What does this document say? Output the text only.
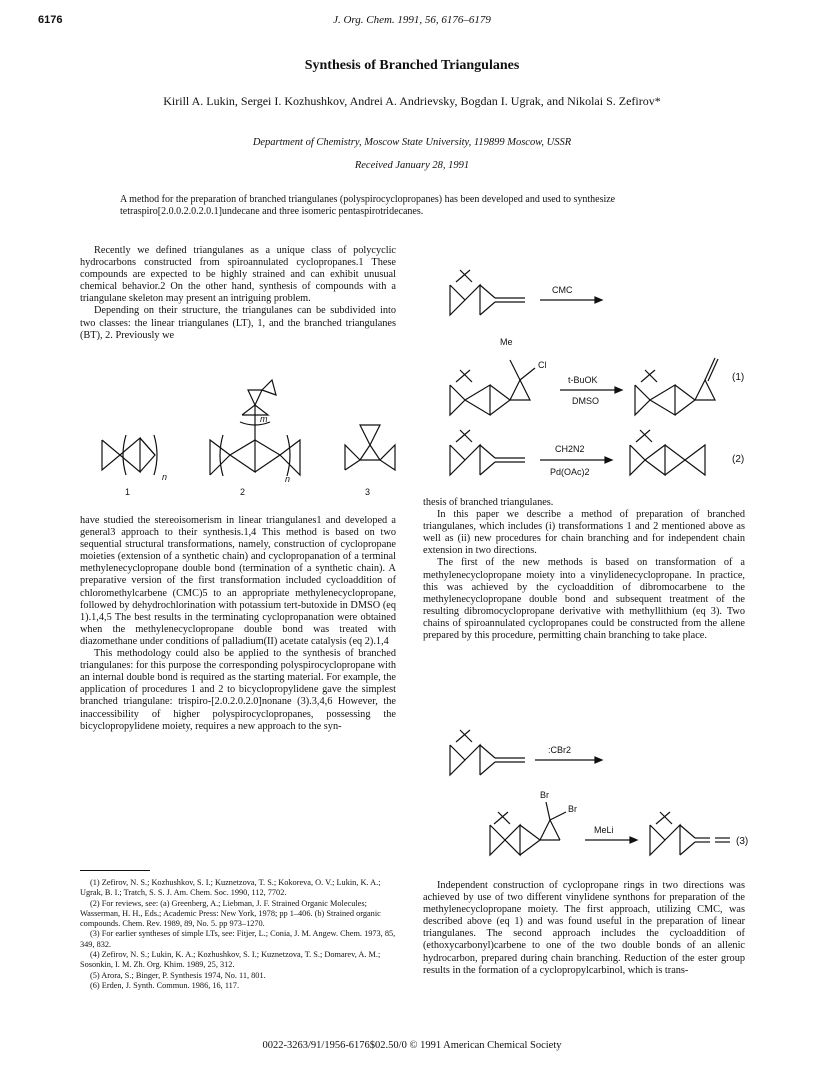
6176	J. Org. Chem. 1991, 56, 6176–6179
Synthesis of Branched Triangulanes
Kirill A. Lukin, Sergei I. Kozhushkov, Andrei A. Andrievsky, Bogdan I. Ugrak, and Nikolai S. Zefirov*
Department of Chemistry, Moscow State University, 119899 Moscow, USSR
Received January 28, 1991
A method for the preparation of branched triangulanes (polyspirocyclopropanes) has been developed and used to synthesize tetraspiro[2.0.0.2.0.2.0.1]undecane and three isomeric pentaspirotridecanes.

Recently we defined triangulanes as a unique class of polycyclic hydrocarbons constructed from spiroannulated cyclopropanes.1 These compounds are expected to be highly strained and can exhibit unusual chemical behavior.2 On the other hand, synthesis of compounds with a triangulane skeleton may present an intriguing problem.

Depending on their structure, the triangulanes can be subdivided into two classes: the linear triangulanes (LT), 1, and the branched triangulanes (BT), 2. Previously we

1
n
2
n
m
3

have studied the stereoisomerism in linear triangulanes1 and developed a general3 approach to their synthesis.1,4 This method is based on two sequential structural transformations, namely, construction of cyclopropane moieties (extension of a synthetic chain) and cyclopropanation of a terminal methylenecyclopropane double bond (termination of a synthetic chain). A preparative version of the first transformation included cycloaddition of chloromethylcarbene (CMC)5 to an appropriate methylenecyclopropane, followed by dehydrochlorination with potassium tert-butoxide in DMSO (eq 1).1,4,5 The best results in the terminating cyclopropanation were obtained when the methylenecyclopropane double bond was treated with diazomethane under conditions of palladium(II) acetate catalysis (eq 2).1,4

This methodology could also be applied to the synthesis of branched triangulanes: for this purpose the corresponding polyspirocyclopropane with an internal double bond is required as the starting material. For example, the application of procedures 1 and 2 to bicyclopropylidene gave the simplest branched triangulane: trispiro-[2.0.2.0.2.0]nonane (3).3,4,6 However, the inaccessibility of higher polyspirocyclopropanes, possessing the bicyclopropylidene moiety, requires a new approach to the syn-

CMC
Me
Cl
t-BuOK
DMSO
(1)
CH2N2
Pd(OAc)2
(2)

thesis of branched triangulanes.

In this paper we describe a method of preparation of branched triangulanes, which includes (i) transformations 1 and 2 mentioned above as well as (ii) new procedures for chain branching and for independent chain extension in two directions.

The first of the new methods is based on transformation of a methylenecyclopropane moiety into a vinylidenecyclopropane. In practice, this was achieved by the cycloaddition of dibromocarbene to the methylenecyclopropane double bond and subsequent treatment of the resulting dibromocyclopropane derivative with methyllithium (eq 3). Two chains of spiroannulated cyclopropanes could be constructed from the allene prepared by this procedure, permitting chain branching to take place.

:CBr2
Br
Br
MeLi
(3)

Independent construction of cyclopropane rings in two directions was achieved by use of two different vinylidene synthons for preparation of the methylenecyclopropane moiety. The first approach, utilizing CMC, was described above (eq 1) and was found useful in the preparation of linear triangulanes. The second approach includes the cycloaddition of (ethoxycarbonyl)carbene to one of the two double bonds of an allenic hydrocarbon, prepared during chain branching. Reduction of the ester group results in the formation of a cyclopropylcarbinol, which is trans-

(1) Zefirov, N. S.; Kozhushkov, S. I.; Kuznetzova, T. S.; Kokoreva, O. V.; Lukin, K. A.; Ugrak, B. I.; Tratch, S. S. J. Am. Chem. Soc. 1990, 112, 7702.
(2) For reviews, see: (a) Greenberg, A.; Liebman, J. F. Strained Organic Molecules; Wasserman, H. H., Eds.; Academic Press: New York, 1978; pp 1–406. (b) Strained organic compounds. Chem. Rev. 1989, 89, No. 5. pp 973–1270.
(3) For earlier syntheses of simple LTs, see: Fitjer, L.; Conia, J. M. Angew. Chem. 1973, 85, 349, 832.
(4) Zefirov, N. S.; Lukin, K. A.; Kozhushkov, S. I.; Kuznetzova, T. S.; Domarev, A. M.; Sosonkin, I. M. Zh. Org. Khim. 1989, 25, 312.
(5) Arora, S.; Binger, P. Synthesis 1974, No. 11, 801.
(6) Erden, J. Synth. Commun. 1986, 16, 117.
0022-3263/91/1956-6176$02.50/0 © 1991 American Chemical Society
